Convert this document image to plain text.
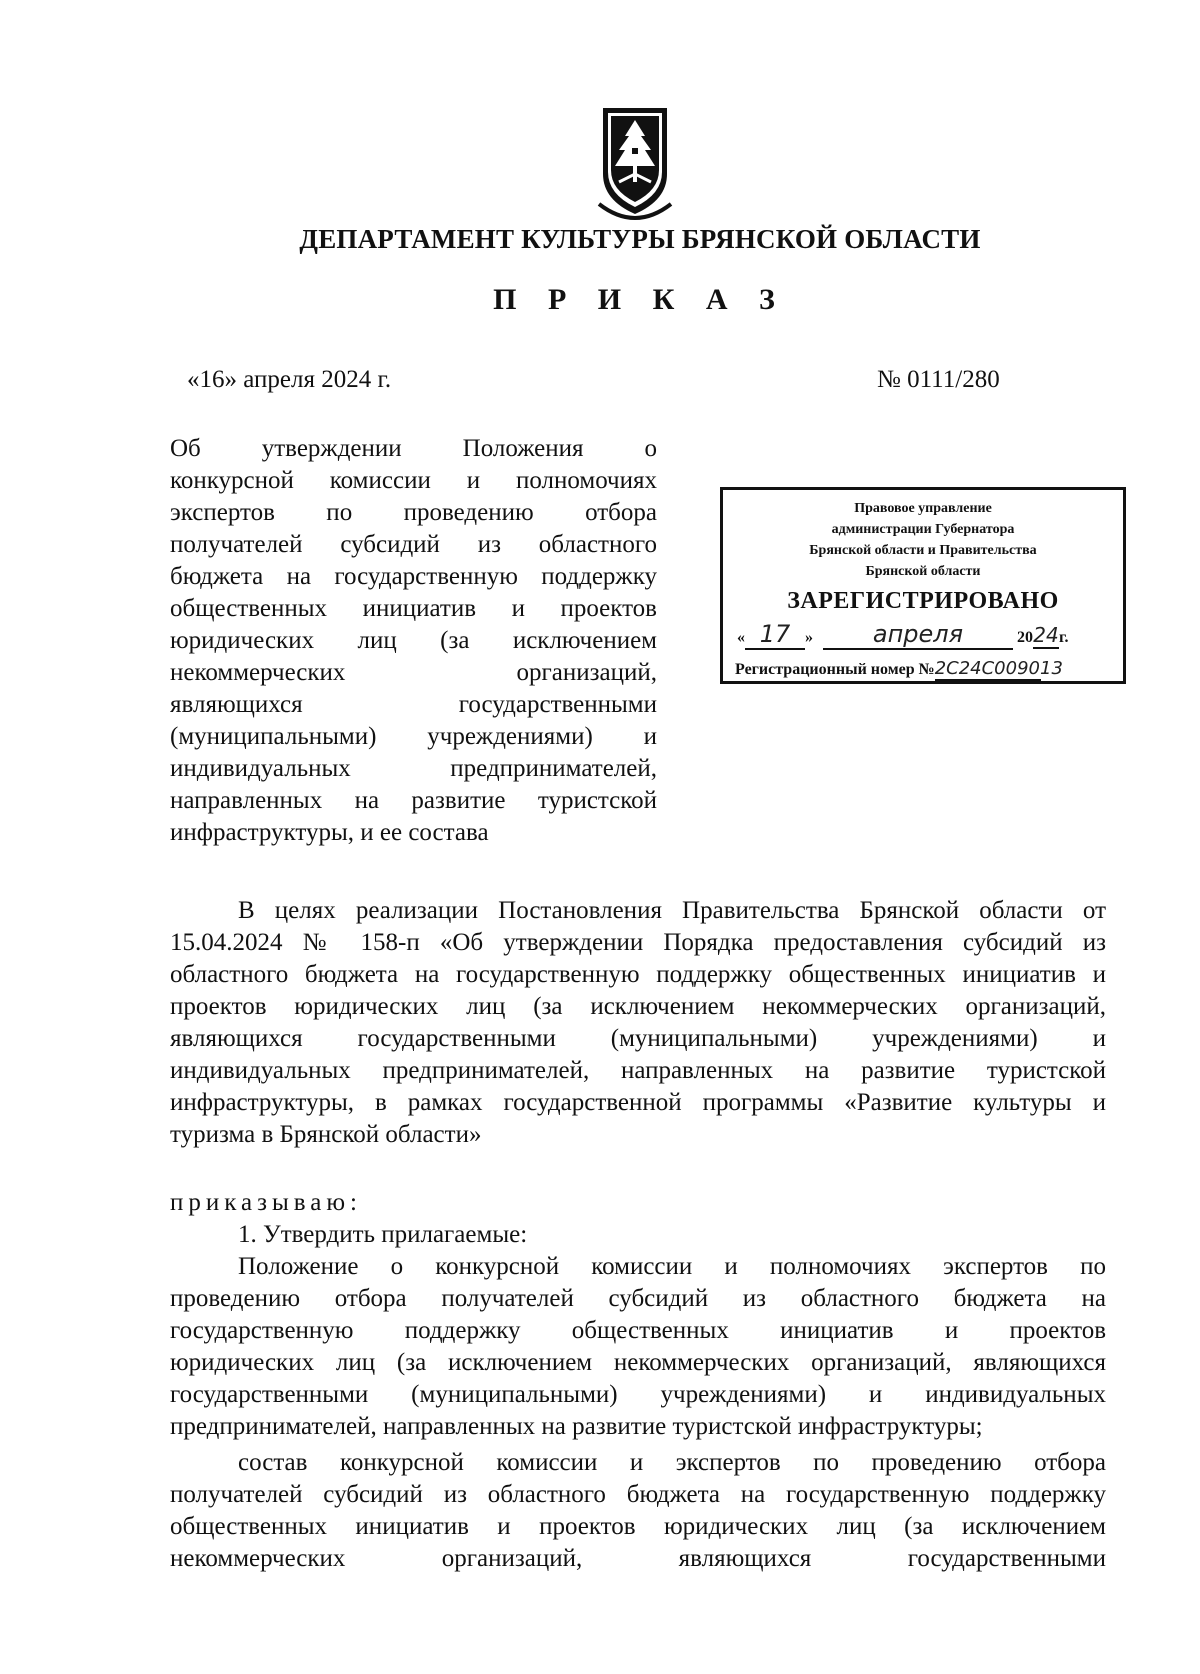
ДЕПАРТАМЕНТ КУЛЬТУРЫ БРЯНСКОЙ ОБЛАСТИ
П Р И К А З
«16» апреля 2024 г.	№ 0111/280
Об утверждении Положения о
конкурсной комиссии и полномочиях
экспертов по проведению отбора
получателей субсидий из областного
бюджета на государственную поддержку
общественных инициатив и проектов
юридических лиц (за исключением
некоммерческих организаций,
являющихся государственными
(муниципальными) учреждениями) и
индивидуальных предпринимателей,
направленных на развитие туристской
инфраструктуры, и ее состава
Правовое управление
администрации Губернатора
Брянской области и Правительства
Брянской области
ЗАРЕГИСТРИРОВАНО
« 17 » апреля	2024г.
Регистрационный номер №2С24С009013
В целях реализации Постановления Правительства Брянской области от
15.04.2024 № 158-п «Об утверждении Порядка предоставления субсидий из
областного бюджета на государственную поддержку общественных инициатив и
проектов юридических лиц (за исключением некоммерческих организаций,
являющихся государственными (муниципальными) учреждениями) и
индивидуальных предпринимателей, направленных на развитие туристской
инфраструктуры, в рамках государственной программы «Развитие культуры и
туризма в Брянской области»
приказываю:
1. Утвердить прилагаемые:
Положение о конкурсной комиссии и полномочиях экспертов по
проведению отбора получателей субсидий из областного бюджета на
государственную поддержку общественных инициатив и проектов
юридических лиц (за исключением некоммерческих организаций, являющихся
государственными (муниципальными) учреждениями) и индивидуальных
предпринимателей, направленных на развитие туристской инфраструктуры;
состав конкурсной комиссии и экспертов по проведению отбора
получателей субсидий из областного бюджета на государственную поддержку
общественных инициатив и проектов юридических лиц (за исключением
некоммерческих организаций, являющихся государственными
